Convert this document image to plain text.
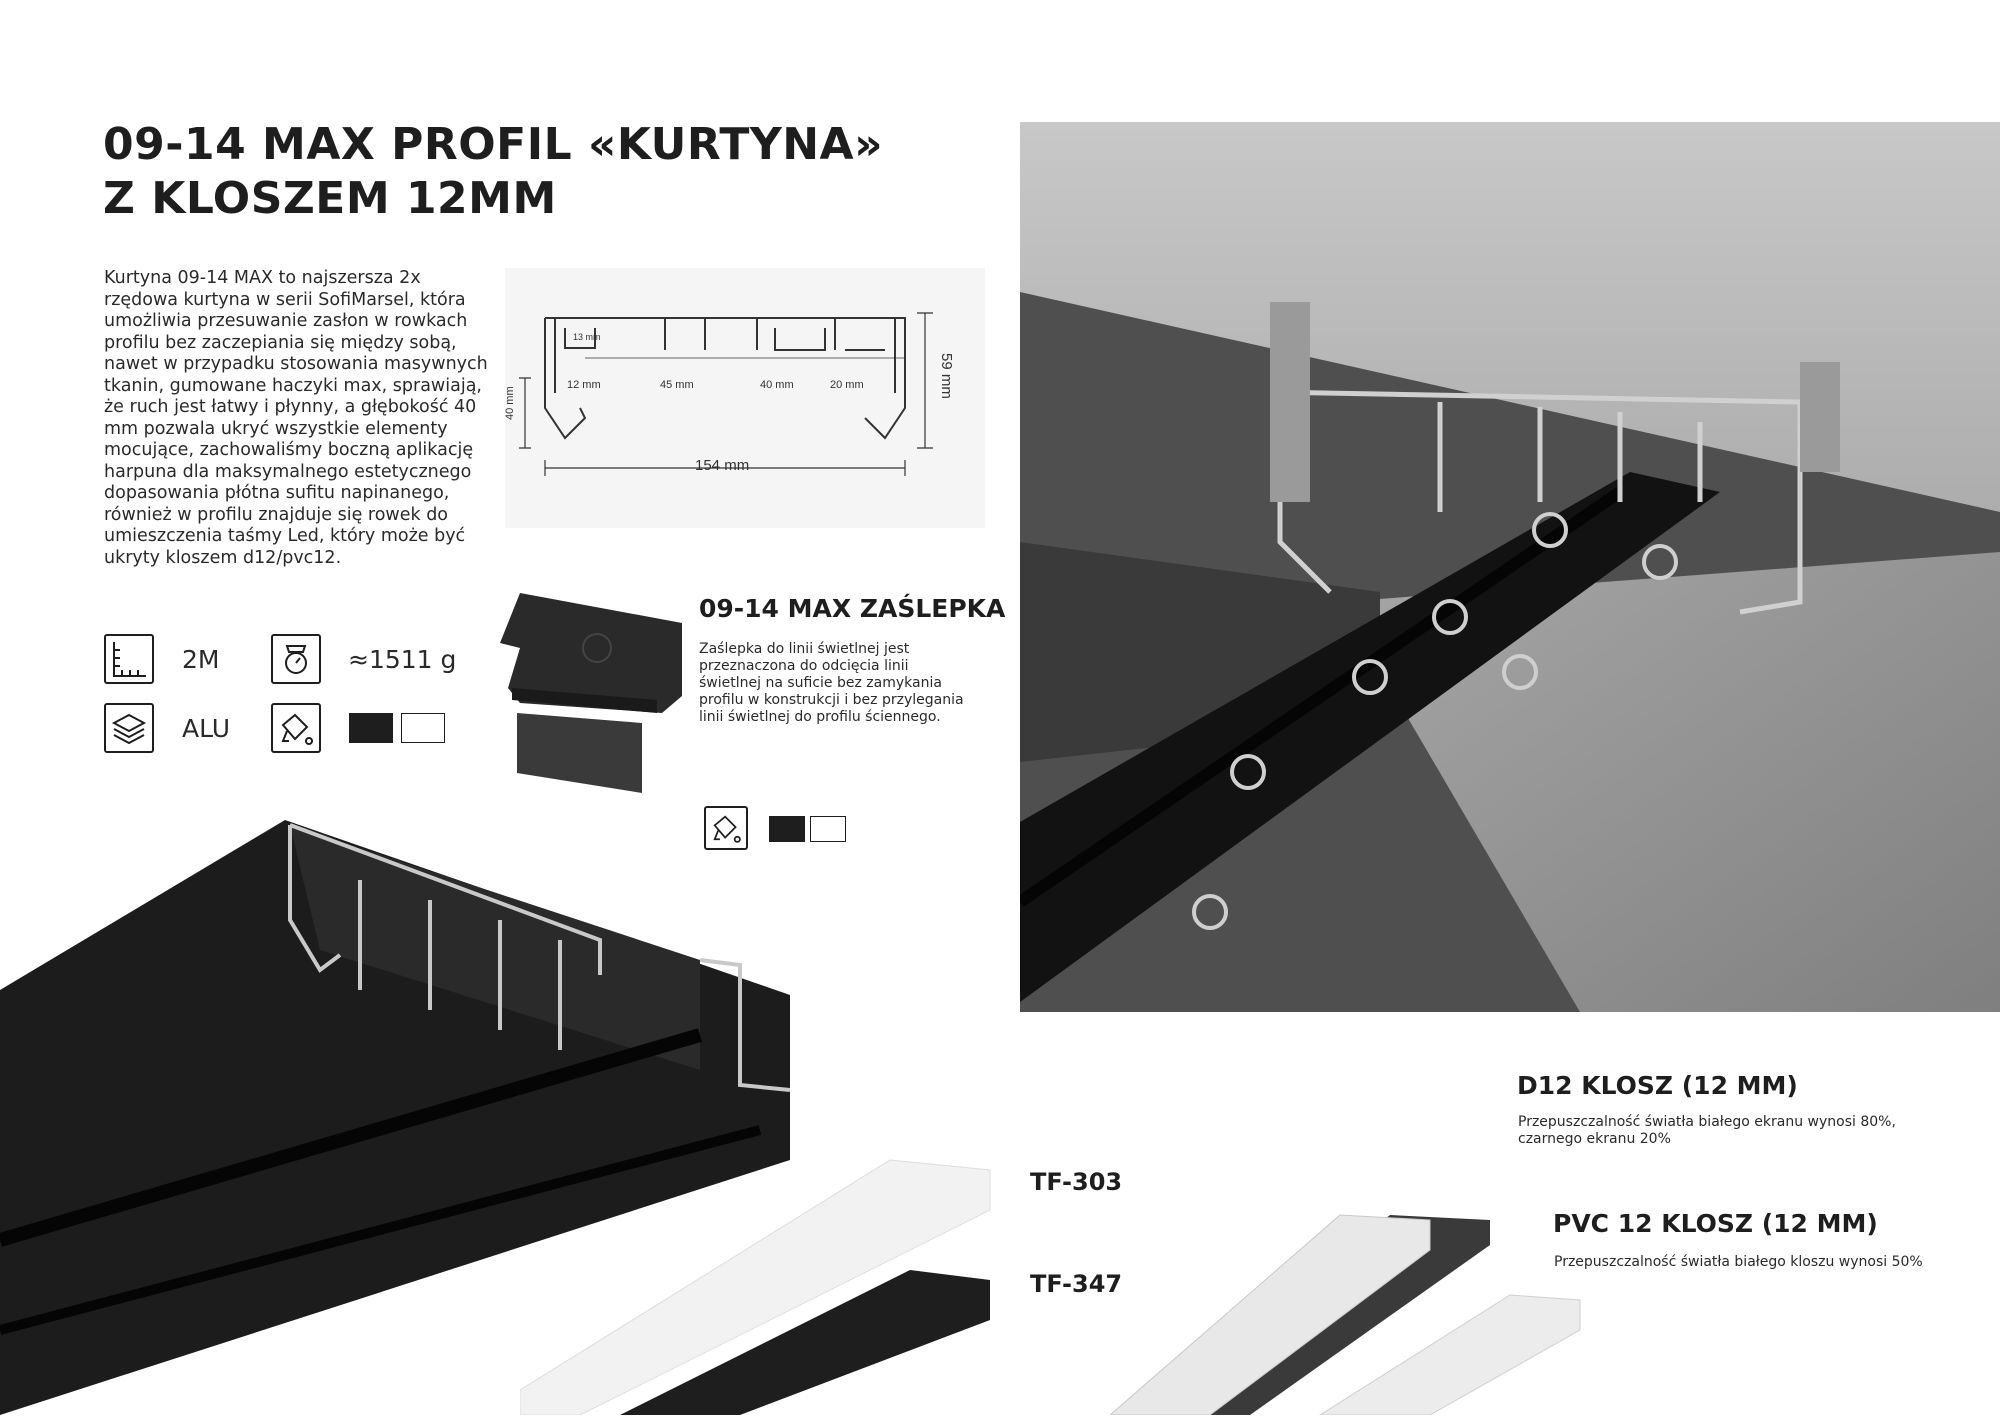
09-14 MAX PROFIL «KURTYNA»
Z KLOSZEM 12MM
Kurtyna 09-14 MAX to najszersza 2x rzędowa kurtyna w serii SofiMarsel, która umożliwia przesuwanie zasłon w rowkach profilu bez zaczepiania się między sobą, nawet w przypadku stosowania masywnych tkanin, gumowane haczyki max, sprawiają, że ruch jest łatwy i płynny, a głębokość 40 mm pozwala ukryć wszystkie elementy mocujące, zachowaliśmy boczną aplikację harpuna dla maksymalnego estetycznego dopasowania płótna sufitu napinanego, również w profilu znajduje się rowek do umieszczenia taśmy Led, który może być ukryty kloszem d12/pvc12.
13 mm
12 mm	45 mm	40 mm	20 mm	59 mm
40 mm
154 mm
2M	≈1511 g
ALU
09-14 MAX ZAŚLEPKA
Zaślepka do linii świetlnej jest przeznaczona do odcięcia linii świetlnej na suficie bez zamykania profilu w konstrukcji i bez przylegania linii świetlnej do profilu ściennego.
TF-303
TF-347
D12 KLOSZ (12 MM)
Przepuszczalność światła białego ekranu wynosi 80%, czarnego ekranu 20%
PVC 12 KLOSZ (12 MM)
Przepuszczalność światła białego kloszu wynosi 50%
